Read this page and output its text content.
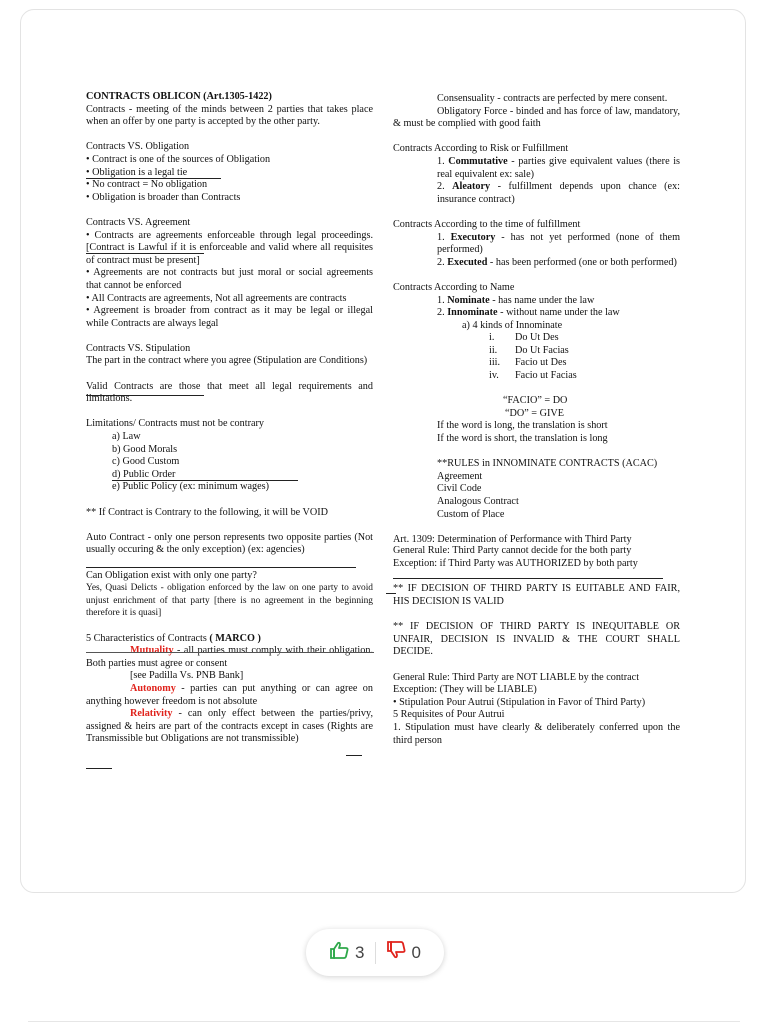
CONTRACTS OBLICON (Art.1305-1422)

Contracts - meeting of the minds between 2 parties that takes place when an offer by one party is accepted by the other party.

Contracts VS. Obligation

• Contract is one of the sources of Obligation

• Obligation is a legal tie

• No contract = No obligation

• Obligation is broader than Contracts

Contracts VS. Agreement

• Contracts are agreements enforceable through legal proceedings. [Contract is Lawful if it is enforceable and valid where all requisites of contract must be present]

• Agreements are not contracts but just moral or social agreements that cannot be enforced

• All Contracts are agreements, Not all agreements are contracts

• Agreement is broader from contract as it may be legal or illegal while Contracts are always legal

Contracts VS. Stipulation

The part in the contract where you agree (Stipulation are Conditions)

Valid Contracts are those that meet all legal requirements and limitations.

Limitations/ Contracts must not be contrary

a) Law

b) Good Morals

c) Good Custom

d) Public Order

e) Public Policy (ex: minimum wages)

** If Contract is Contrary to the following, it will be VOID

Auto Contract - only one person represents two opposite parties (Not usually occuring & the only exception) (ex: agencies)

Can Obligation exist with only one party?

Yes, Quasi Delicts - obligation enforced by the law on one party to avoid unjust enrichment of that party [there is no agreement in the beginning therefore it is quasi]

5 Characteristics of Contracts ( MARCO )

Mutuality - all parties must comply with their obligation. Both parties must agree or consent

[see Padilla Vs. PNB Bank]

Autonomy - parties can put anything or can agree on anything however freedom is not absolute

Relativity - can only effect between the parties/privy, assigned & heirs are part of the contracts except in cases (Rights are Transmissible but Obligations are not transmissible)

Consensuality - contracts are perfected by mere consent.

Obligatory Force - binded and has force of law, mandatory, & must be complied with good faith

Contracts According to Risk or Fulfillment

1. Commutative - parties give equivalent values (there is real equivalent ex: sale)

2. Aleatory - fulfillment depends upon chance (ex: insurance contract)

Contracts According to the time of fulfillment

1. Executory - has not yet performed (none of them performed)

2. Executed - has been performed (one or both performed)

Contracts According to Name

1. Nominate - has name under the law

2. Innominate - without name under the law

a) 4 kinds of Innominate

i. Do Ut Des

ii. Do Ut Facias

iii. Facio ut Des

iv. Facio ut Facias

“FACIO” = DO

“DO” = GIVE

If the word is long, the translation is short

If the word is short, the translation is long

**RULES in INNOMINATE CONTRACTS (ACAC)

Agreement

Civil Code

Analogous Contract

Custom of Place

Art. 1309: Determination of Performance with Third Party

General Rule: Third Party cannot decide for the both party

Exception: if Third Party was AUTHORIZED by both party

** IF DECISION OF THIRD PARTY IS EUITABLE AND FAIR, HIS DECISION IS VALID

** IF DECISION OF THIRD PARTY IS INEQUITABLE OR UNFAIR, DECISION IS INVALID & THE COURT SHALL DECIDE.

General Rule: Third Party are NOT LIABLE by the contract

Exception: (They will be LIABLE)

• Stipulation Pour Autrui (Stipulation in Favor of Third Party)

5 Requisites of Pour Autrui

1. Stipulation must have clearly & deliberately conferred upon the third person

3	0
